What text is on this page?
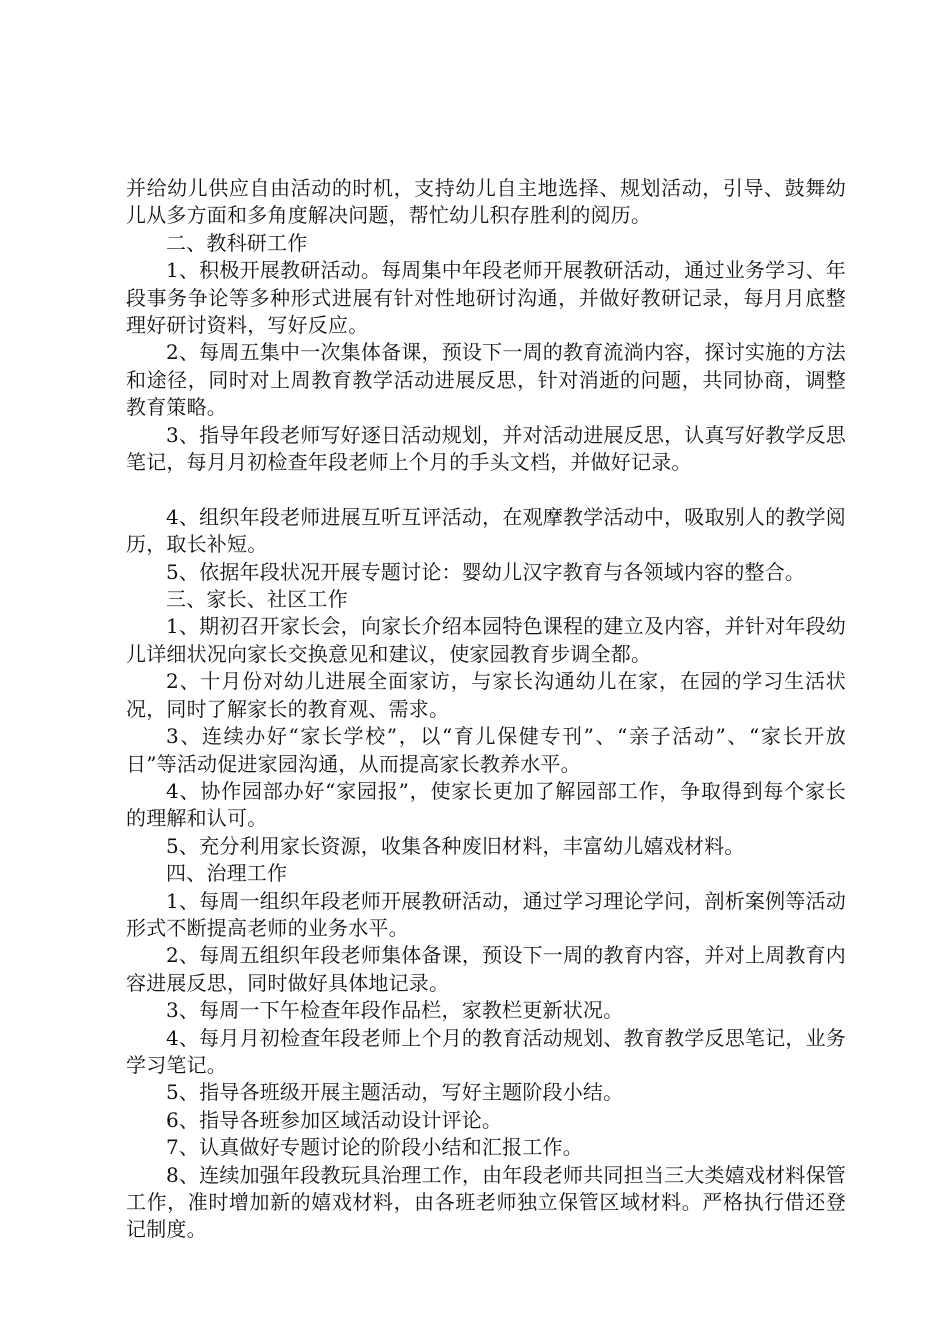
并给幼儿供应自由活动的时机，支持幼儿自主地选择、规划活动，引导、鼓舞幼儿从多方面和多角度解决问题，帮忙幼儿积存胜利的阅历。

二、教科研工作

1、积极开展教研活动。每周集中年段老师开展教研活动，通过业务学习、年段事务争论等多种形式进展有针对性地研讨沟通，并做好教研记录，每月月底整理好研讨资料，写好反应。

2、每周五集中一次集体备课，预设下一周的教育流淌内容，探讨实施的方法和途径，同时对上周教育教学活动进展反思，针对消逝的问题，共同协商，调整教育策略。

3、指导年段老师写好逐日活动规划，并对活动进展反思，认真写好教学反思笔记，每月月初检查年段老师上个月的手头文档，并做好记录。

4、组织年段老师进展互听互评活动，在观摩教学活动中，吸取别人的教学阅历，取长补短。

5、依据年段状况开展专题讨论：婴幼儿汉字教育与各领域内容的整合。

三、家长、社区工作

1、期初召开家长会，向家长介绍本园特色课程的建立及内容，并针对年段幼儿详细状况向家长交换意见和建议，使家园教育步调全都。

2、十月份对幼儿进展全面家访，与家长沟通幼儿在家，在园的学习生活状况，同时了解家长的教育观、需求。

3、连续办好“家长学校”，以“育儿保健专刊”、“亲子活动”、“家长开放日”等活动促进家园沟通，从而提高家长教养水平。

4、协作园部办好“家园报”，使家长更加了解园部工作，争取得到每个家长的理解和认可。

5、充分利用家长资源，收集各种废旧材料，丰富幼儿嬉戏材料。

四、治理工作

1、每周一组织年段老师开展教研活动，通过学习理论学问，剖析案例等活动形式不断提高老师的业务水平。

2、每周五组织年段老师集体备课，预设下一周的教育内容，并对上周教育内容进展反思，同时做好具体地记录。

3、每周一下午检查年段作品栏，家教栏更新状况。

4、每月月初检查年段老师上个月的教育活动规划、教育教学反思笔记，业务学习笔记。

5、指导各班级开展主题活动，写好主题阶段小结。

6、指导各班参加区域活动设计评论。

7、认真做好专题讨论的阶段小结和汇报工作。

8、连续加强年段教玩具治理工作，由年段老师共同担当三大类嬉戏材料保管工作，准时增加新的嬉戏材料，由各班老师独立保管区域材料。严格执行借还登记制度。
